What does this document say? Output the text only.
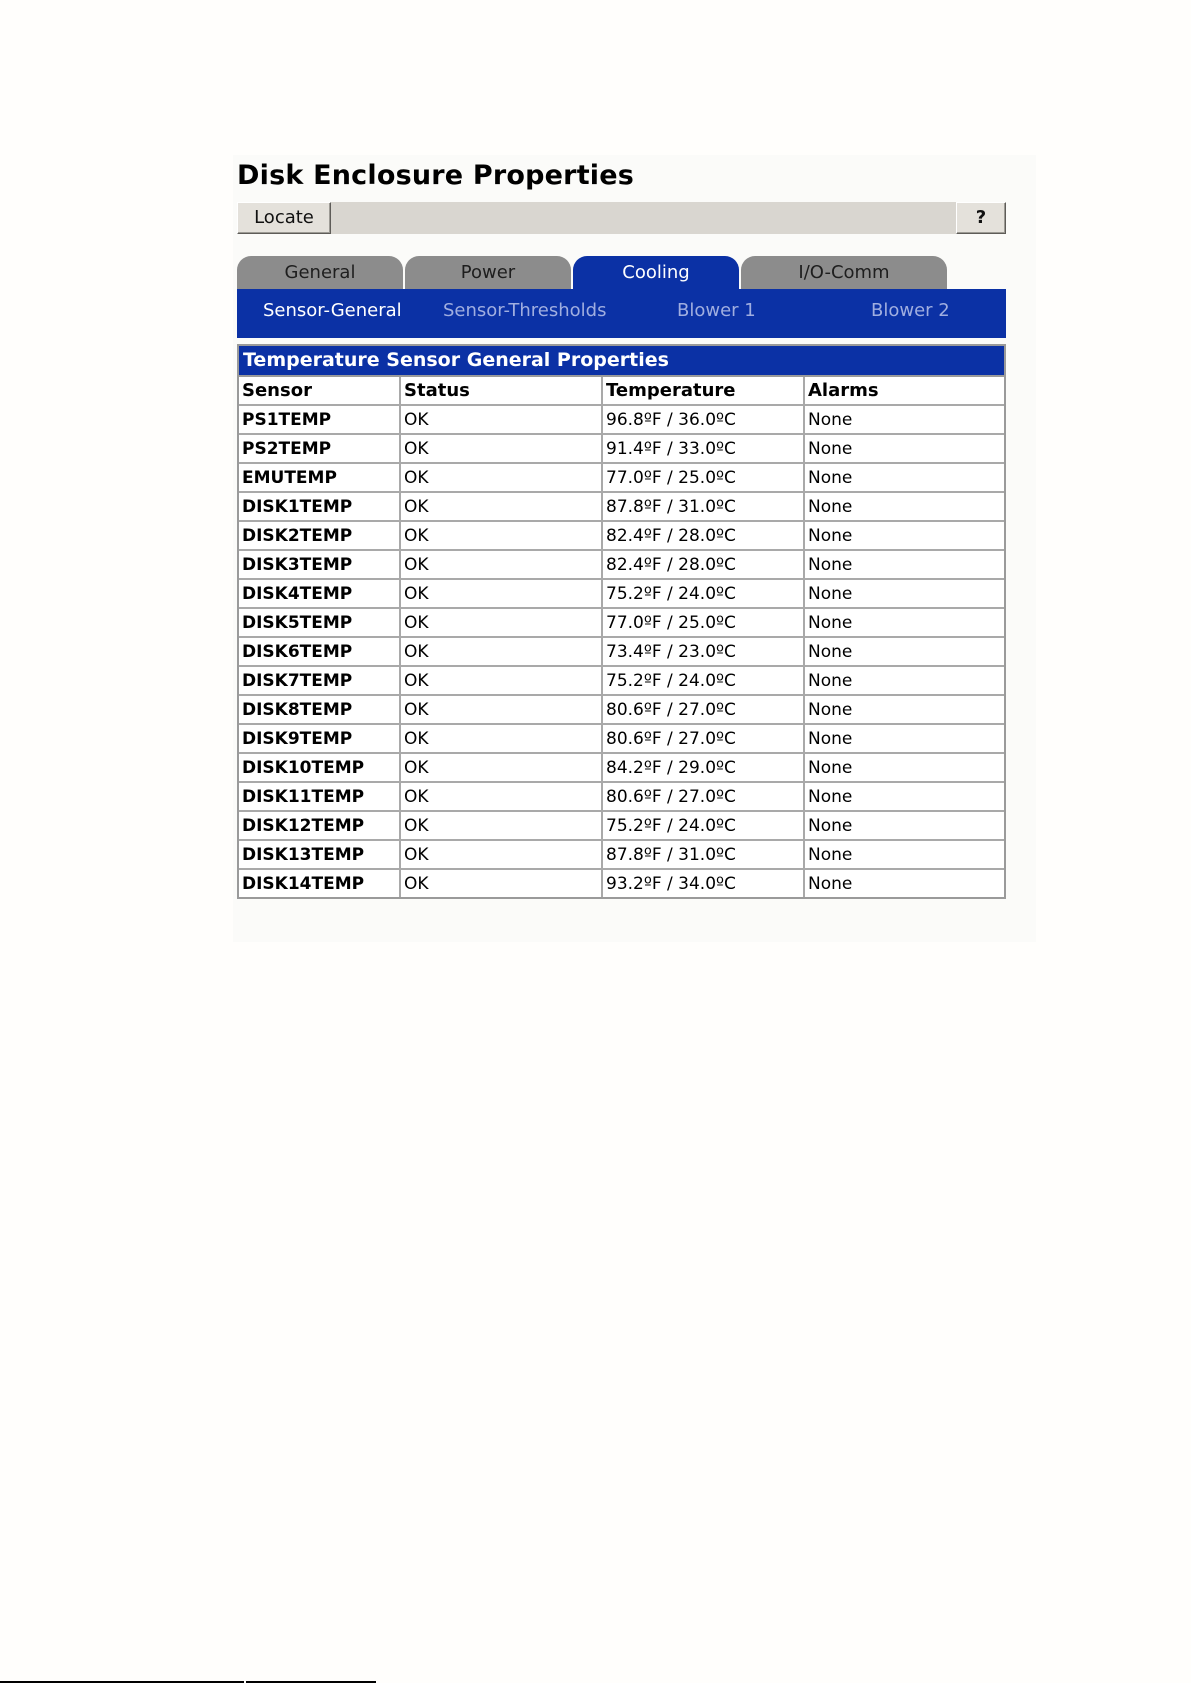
Disk Enclosure Properties
Locate	?
General	Power	Cooling	I/O-Comm
Sensor-General Sensor-Thresholds	Blower 1	Blower 2
Temperature Sensor General Properties
Sensor	Status	Temperature	Alarms
PS1TEMP	OK	96.8ºF / 36.0ºC	None
PS2TEMP	OK	91.4ºF / 33.0ºC	None
EMUTEMP	OK	77.0ºF / 25.0ºC	None
DISK1TEMP	OK	87.8ºF / 31.0ºC	None
DISK2TEMP	OK	82.4ºF / 28.0ºC	None
DISK3TEMP	OK	82.4ºF / 28.0ºC	None
DISK4TEMP	OK	75.2ºF / 24.0ºC	None
DISK5TEMP	OK	77.0ºF / 25.0ºC	None
DISK6TEMP	OK	73.4ºF / 23.0ºC	None
DISK7TEMP	OK	75.2ºF / 24.0ºC	None
DISK8TEMP	OK	80.6ºF / 27.0ºC	None
DISK9TEMP	OK	80.6ºF / 27.0ºC	None
DISK10TEMP	OK	84.2ºF / 29.0ºC	None
DISK11TEMP	OK	80.6ºF / 27.0ºC	None
DISK12TEMP	OK	75.2ºF / 24.0ºC	None
DISK13TEMP	OK	87.8ºF / 31.0ºC	None
DISK14TEMP	OK	93.2ºF / 34.0ºC	None
